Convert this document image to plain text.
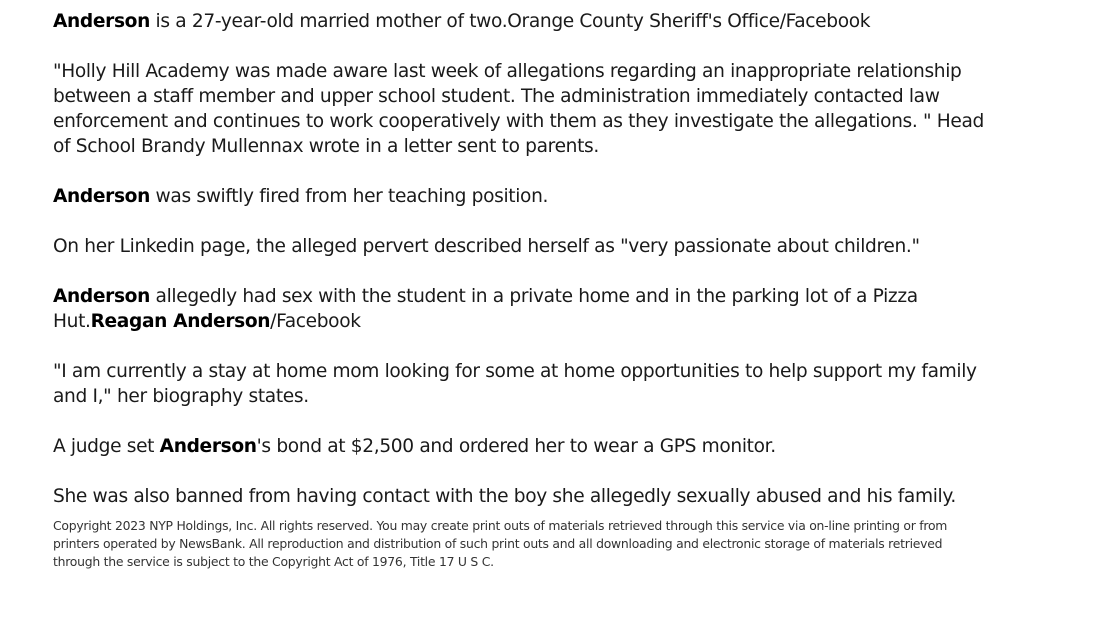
Anderson is a 27-year-old married mother of two.Orange County Sheriff's Office/Facebook

"Holly Hill Academy was made aware last week of allegations regarding an inappropriate relationship between a staff member and upper school student. The administration immediately contacted law enforcement and continues to work cooperatively with them as they investigate the allegations. " Head of School Brandy Mullennax wrote in a letter sent to parents.

Anderson was swiftly fired from her teaching position.

On her Linkedin page, the alleged pervert described herself as "very passionate about children."

Anderson allegedly had sex with the student in a private home and in the parking lot of a Pizza Hut.Reagan Anderson/Facebook

"I am currently a stay at home mom looking for some at home opportunities to help support my family and I," her biography states.

A judge set Anderson's bond at $2,500 and ordered her to wear a GPS monitor.

She was also banned from having contact with the boy she allegedly sexually abused and his family.

Copyright 2023 NYP Holdings, Inc. All rights reserved. You may create print outs of materials retrieved through this service via on-line printing or from printers operated by NewsBank. All reproduction and distribution of such print outs and all downloading and electronic storage of materials retrieved through the service is subject to the Copyright Act of 1976, Title 17 U S C.
